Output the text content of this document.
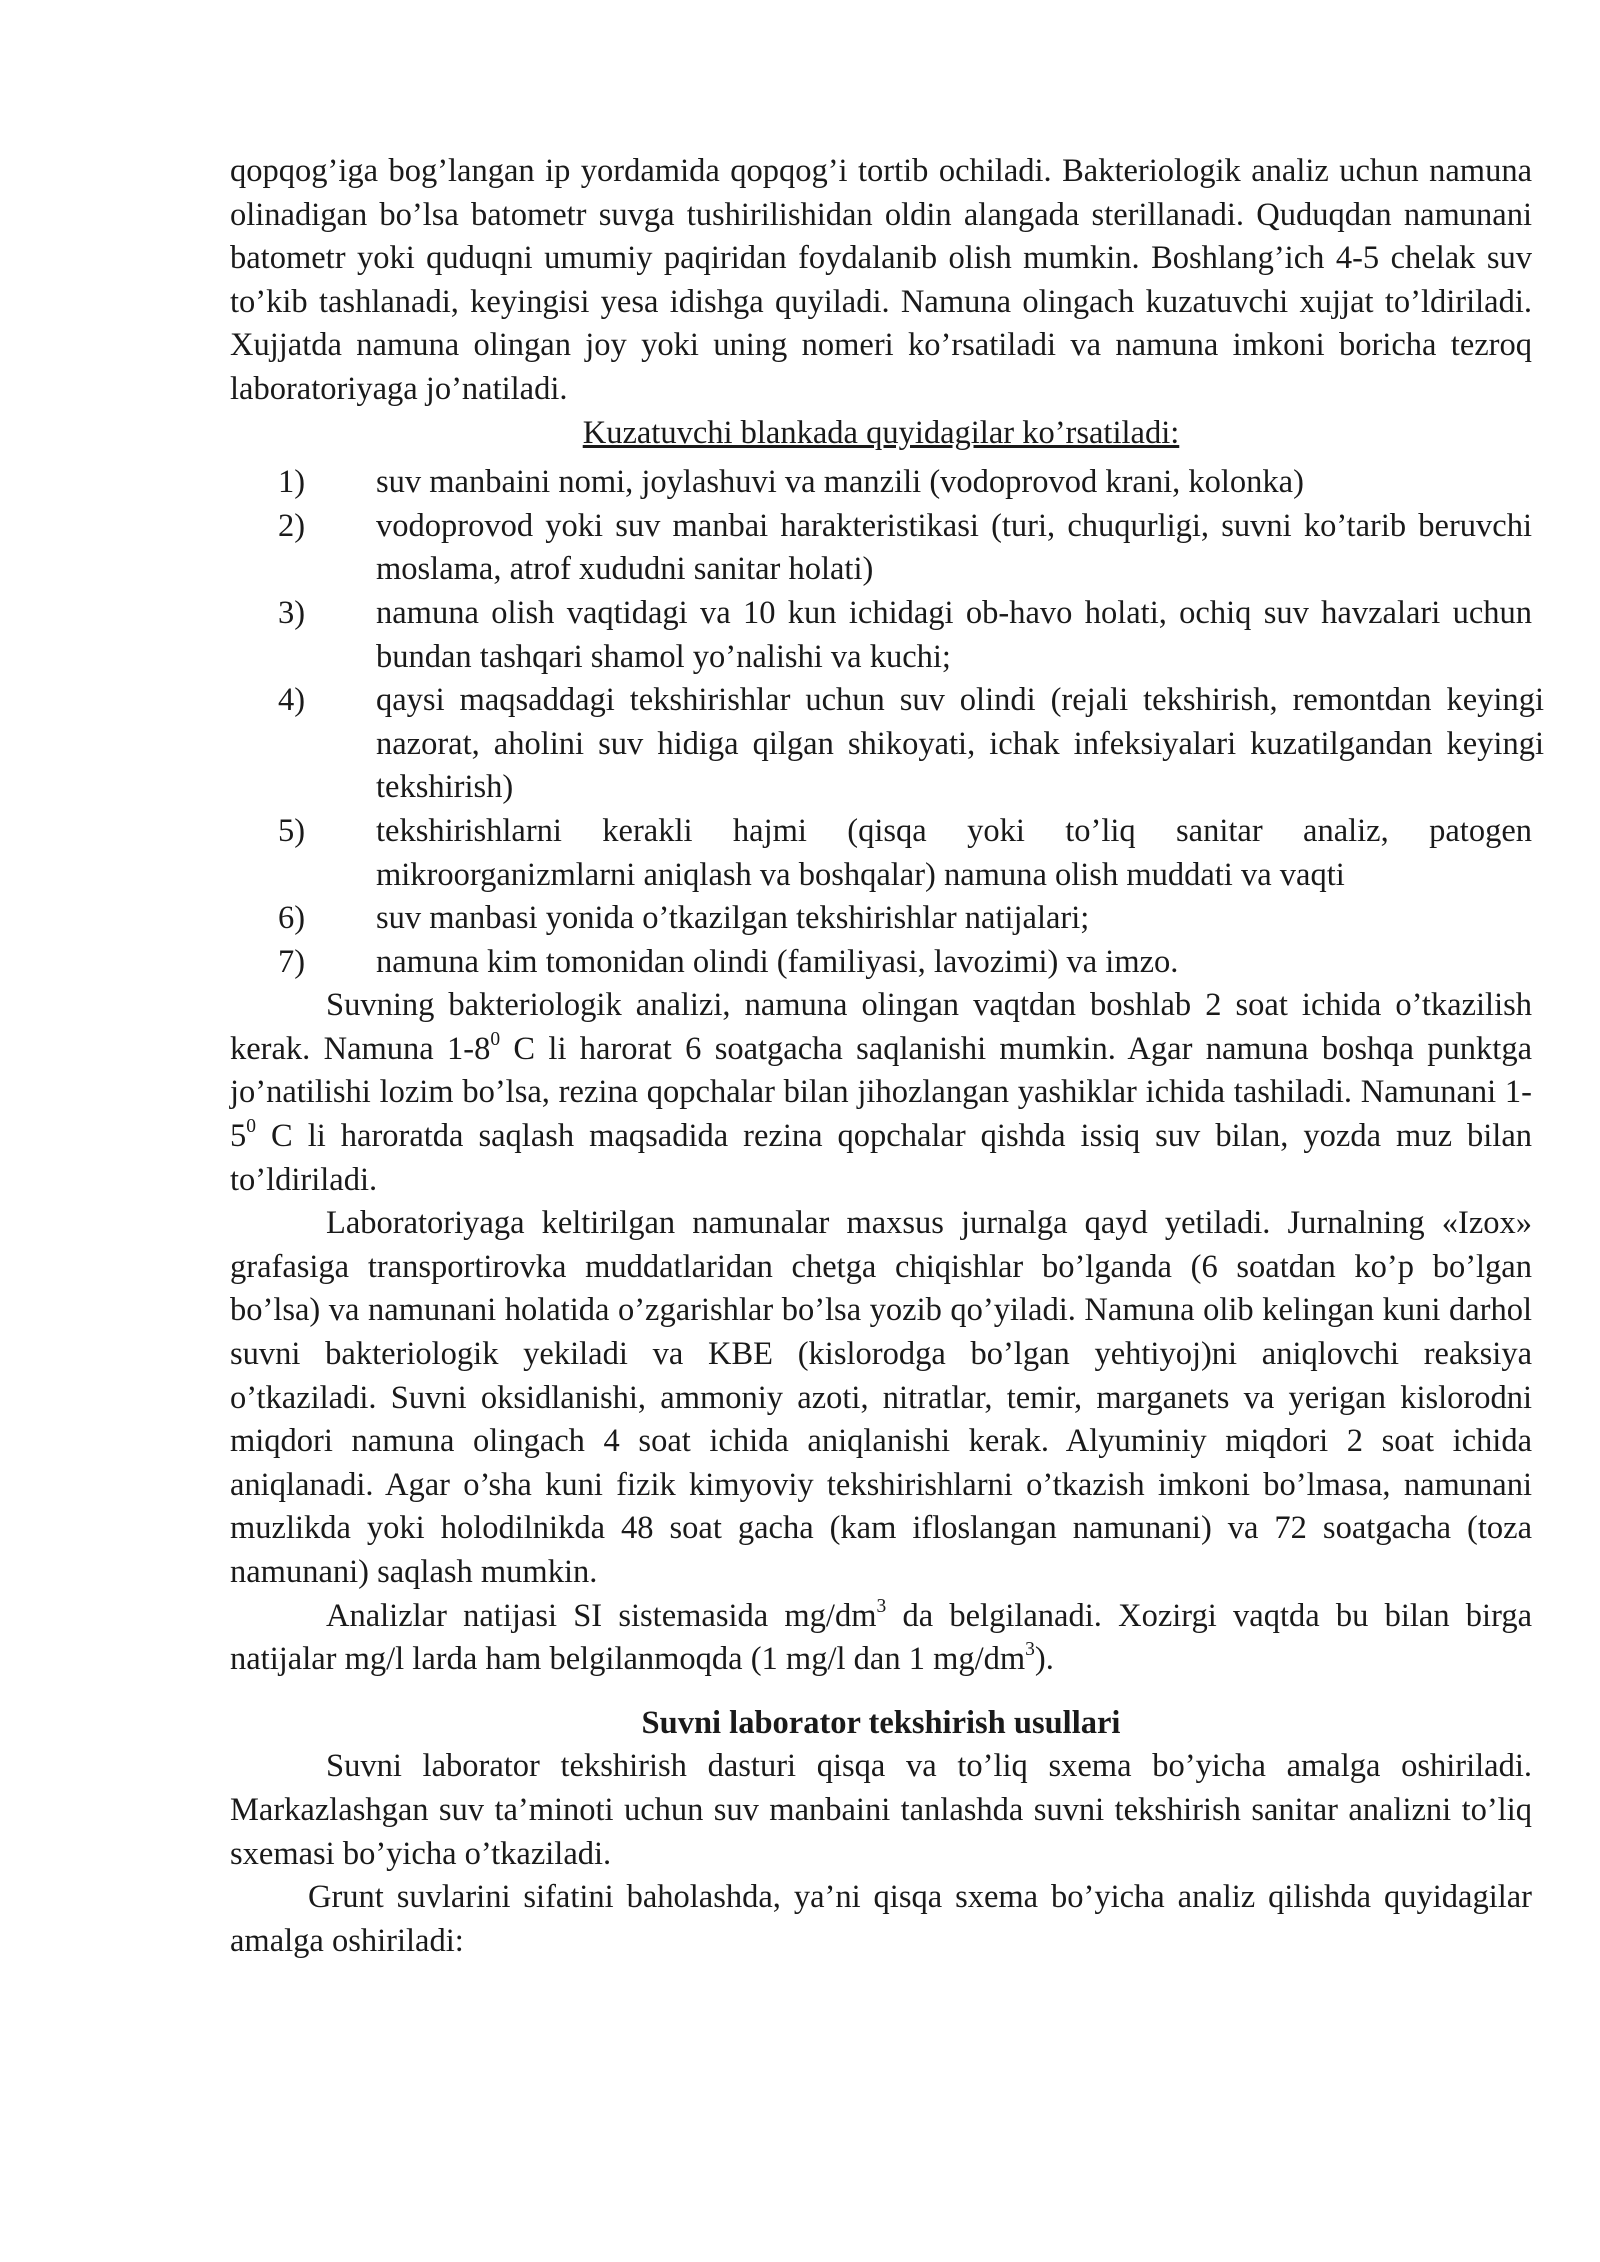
qopqog’iga bog’langan ip yordamida qopqog’i tortib ochiladi. Bakteriologik analiz uchun namuna olinadigan bo’lsa batometr suvga tushirilishidan oldin alangada sterillanadi. Quduqdan namunani batometr yoki quduqni umumiy paqiridan foydalanib olish mumkin. Boshlang’ich 4-5 chelak suv to’kib tashlanadi, keyingisi yesa idishga quyiladi. Namuna olingach kuzatuvchi xujjat to’ldiriladi. Xujjatda namuna olingan joy yoki uning nomeri ko’rsatiladi va namuna imkoni boricha tezroq laboratoriyaga jo’natiladi.

Kuzatuvchi blankada quyidagilar ko’rsatiladi:

1) suv manbaini nomi, joylashuvi va manzili (vodoprovod krani, kolonka)
2) vodoprovod yoki suv manbai harakteristikasi (turi, chuqurligi, suvni ko’tarib beruvchi moslama, atrof xududni sanitar holati)
3) namuna olish vaqtidagi va 10 kun ichidagi ob-havo holati, ochiq suv havzalari uchun bundan tashqari shamol yo’nalishi va kuchi;
4) qaysi maqsaddagi tekshirishlar uchun suv olindi (rejali tekshirish, remontdan keyingi nazorat, aholini suv hidiga qilgan shikoyati, ichak infeksiyalari kuzatilgandan keyingi tekshirish)
5) tekshirishlarni kerakli hajmi (qisqa yoki to’liq sanitar analiz, patogen mikroorganizmlarni aniqlash va boshqalar) namuna olish muddati va vaqti
6) suv manbasi yonida o’tkazilgan tekshirishlar natijalari;
7) namuna kim tomonidan olindi (familiyasi, lavozimi) va imzo.

Suvning bakteriologik analizi, namuna olingan vaqtdan boshlab 2 soat ichida o’tkazilish kerak. Namuna $1-8^0$ C li harorat 6 soatgacha saqlanishi mumkin. Agar namuna boshqa punktga jo’natilishi lozim bo’lsa, rezina qopchalar bilan jihozlangan yashiklar ichida tashiladi. Namunani $1-5^0$ C li haroratda saqlash maqsadida rezina qopchalar qishda issiq suv bilan, yozda muz bilan to’ldiriladi.

Laboratoriyaga keltirilgan namunalar maxsus jurnalga qayd yetiladi. Jurnalning «Izox» grafasiga transportirovka muddatlaridan chetga chiqishlar bo’lganda (6 soatdan ko’p bo’lgan bo’lsa) va namunani holatida o’zgarishlar bo’lsa yozib qo’yiladi. Namuna olib kelingan kuni darhol suvni bakteriologik yekiladi va KBE (kislorodga bo’lgan yehtiyoj)ni aniqlovchi reaksiya o’tkaziladi. Suvni oksidlanishi, ammoniy azoti, nitratlar, temir, marganets va yerigan kislorodni miqdori namuna olingach 4 soat ichida aniqlanishi kerak. Alyuminiy miqdori 2 soat ichida aniqlanadi. Agar o’sha kuni fizik kimyoviy tekshirishlarni o’tkazish imkoni bo’lmasa, namunani muzlikda yoki holodilnikda 48 soat gacha (kam ifloslangan namunani) va 72 soatgacha (toza namunani) saqlash mumkin.

Analizlar natijasi SI sistemasida $mg/dm^3$ da belgilanadi. Xozirgi vaqtda bu bilan birga natijalar mg/l larda ham belgilanmoqda (1 mg/l dan 1 $mg/dm^3$).

Suvni laborator tekshirish usullari

Suvni laborator tekshirish dasturi qisqa va to’liq sxema bo’yicha amalga oshiriladi. Markazlashgan suv ta’minoti uchun suv manbaini tanlashda suvni tekshirish sanitar analizni to’liq sxemasi bo’yicha o’tkaziladi.

Grunt suvlarini sifatini baholashda, ya’ni qisqa sxema bo’yicha analiz qilishda quyidagilar amalga oshiriladi:
